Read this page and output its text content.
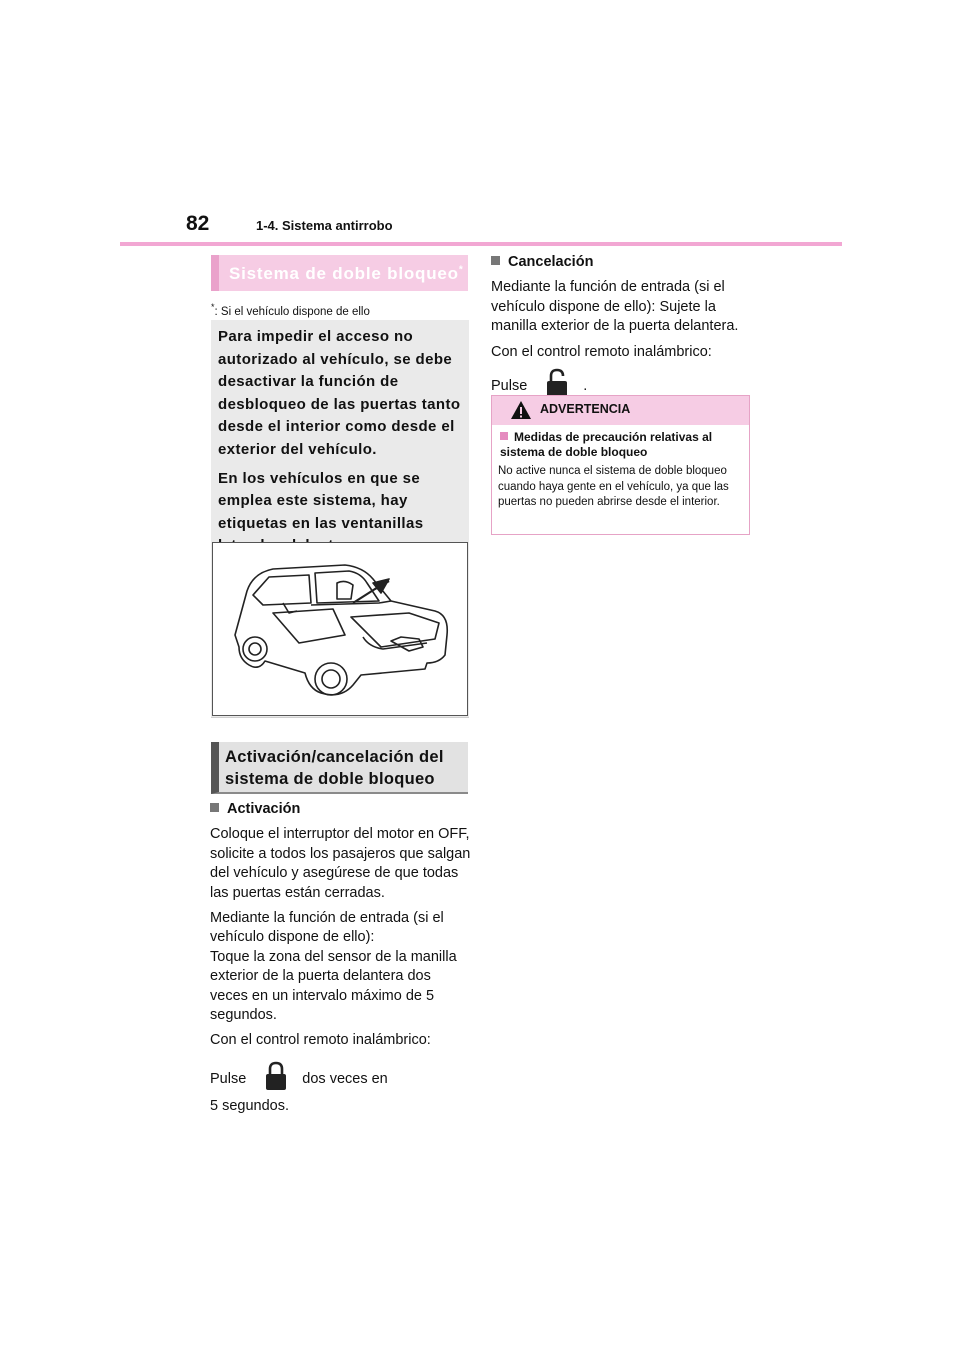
82	1-4. Sistema antirrobo
Sistema de doble bloqueo*
*: Si el vehículo dispone de ello

Para impedir el acceso no autorizado al vehículo, se debe desactivar la función de desbloqueo de las puertas tanto desde el interior como desde el exterior del vehículo.

En los vehículos en que se emplea este sistema, hay etiquetas en las ventanillas

Activación/cancelación del sistema de doble bloqueo

Activación

Coloque el interruptor del motor en OFF, solicite a todos los pasajeros que salgan del vehículo y asegúrese de que todas las puertas están cerradas.

Mediante la función de entrada (si el vehículo dispone de ello):
Toque la zona del sensor de la manilla exterior de la puerta delantera dos veces en un intervalo máximo de 5 segundos.

Con el control remoto inalámbrico:

Pulse	dos veces en
5 segundos.

Cancelación

Mediante la función de entrada (si el vehículo dispone de ello): Sujete la manilla exterior de la puerta delantera.

Con el control remoto inalámbrico:

Pulse	.

ADVERTENCIA
Medidas de precaución relativas al sistema de doble bloqueo
No active nunca el sistema de doble bloqueo cuando haya gente en el vehículo, ya que las puertas no pueden abrirse desde el interior.
